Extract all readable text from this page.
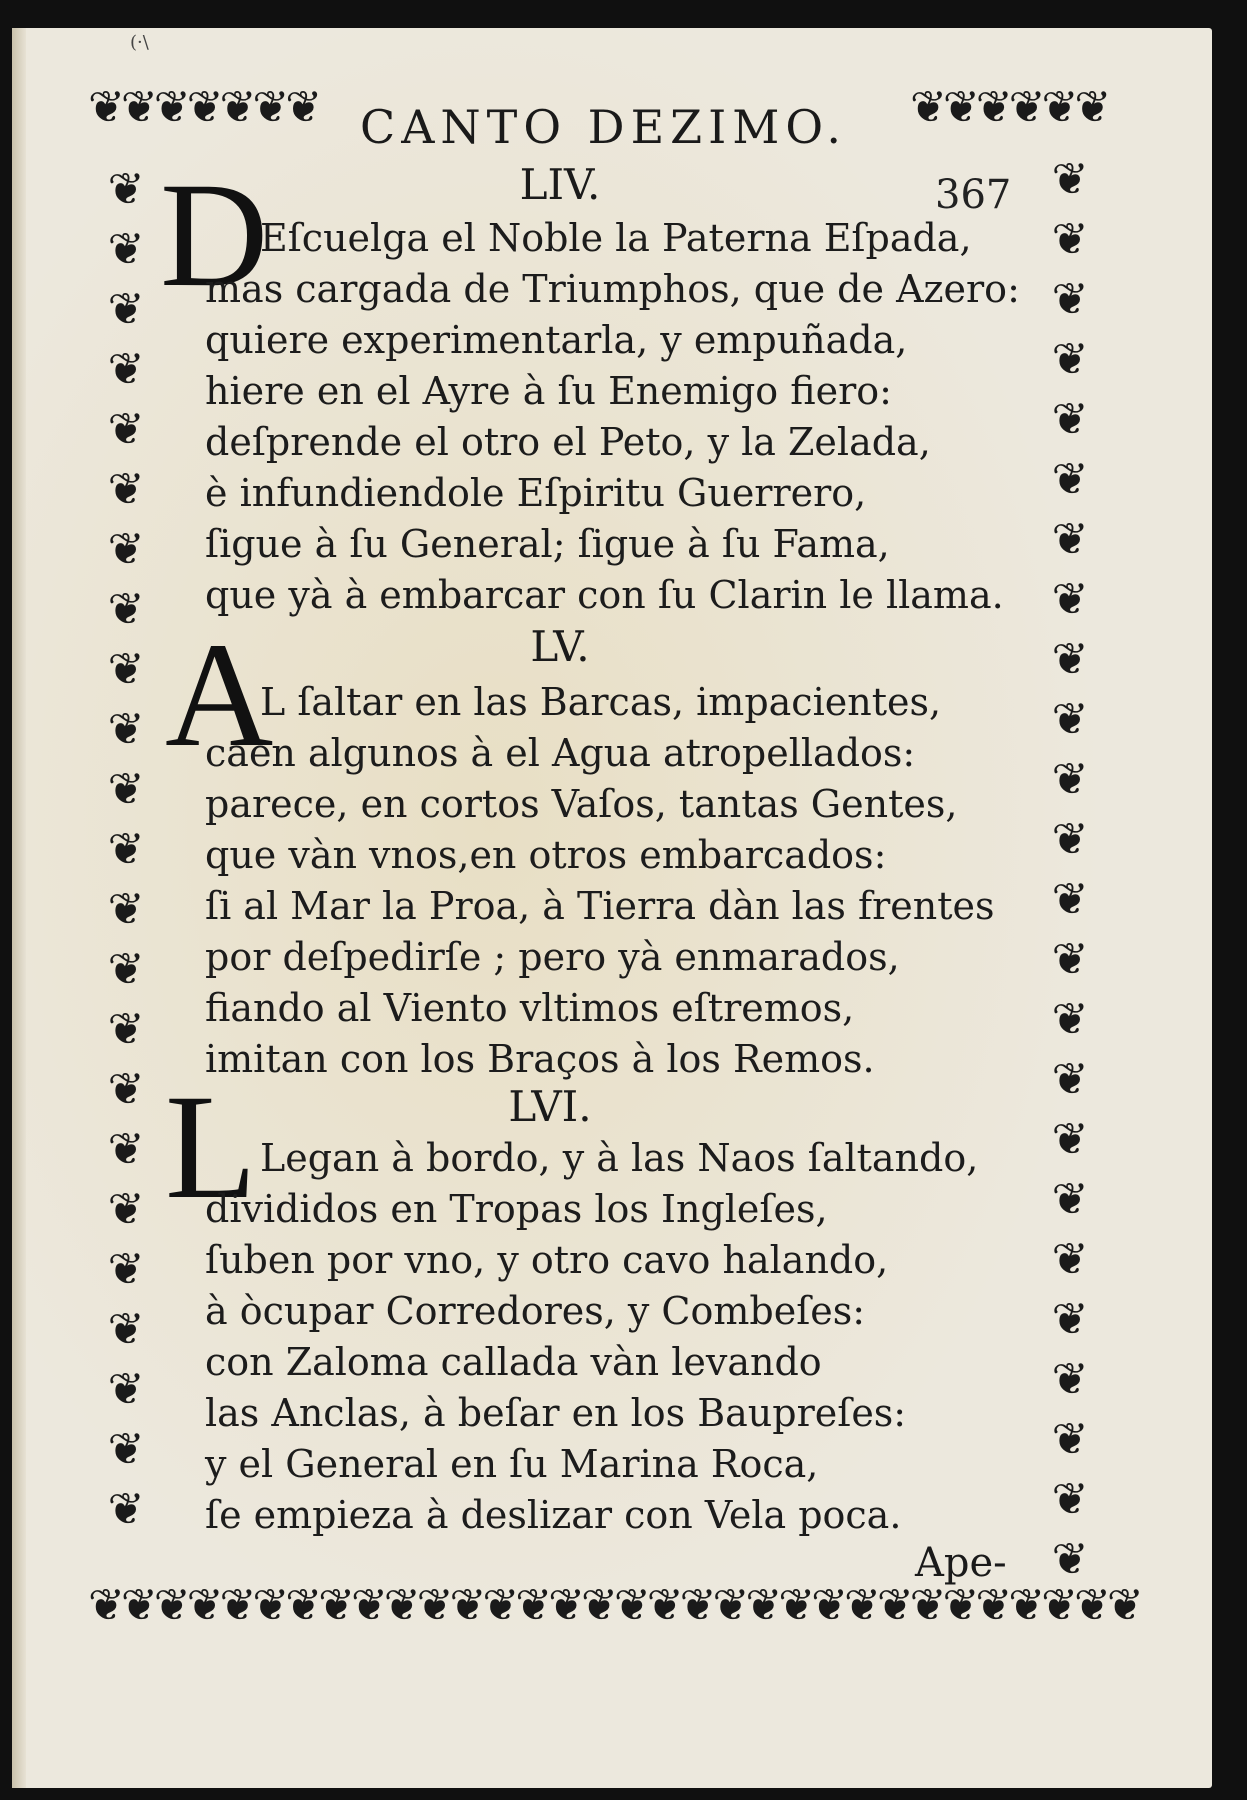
(·\
❦❦❦❦❦❦❦	❦❦❦❦❦❦
❦❦❦❦❦❦❦❦❦❦❦❦❦❦❦❦❦❦❦❦❦❦❦❦❦❦❦❦❦❦❦❦
❦ ❦ ❦ ❦ ❦ ❦ ❦ ❦ ❦ ❦ ❦ ❦ ❦ ❦ ❦ ❦ ❦ ❦ ❦ ❦ ❦ ❦ ❦
❦ ❦ ❦ ❦ ❦ ❦ ❦ ❦ ❦ ❦ ❦ ❦ ❦ ❦ ❦ ❦ ❦ ❦ ❦ ❦ ❦ ❦ ❦ ❦
CANTO DEZIMO.
367
LIV.
D
Eſcuelga el Noble la Paterna Eſpada,
mas cargada de Triumphos, que de Azero:
quiere experimentarla, y empuñada,
hiere en el Ayre à ſu Enemigo fiero:
deſprende el otro el Peto, y la Zelada,
è infundiendole Eſpiritu Guerrero,
ſigue à ſu General; ſigue à ſu Fama,
que yà à embarcar con ſu Clarin le llama.
LV.
A
L ſaltar en las Barcas, impacientes,
caen algunos à el Agua atropellados:
parece, en cortos Vaſos, tantas Gentes,
que vàn vnos,en otros embarcados:
ſi al Mar la Proa, à Tierra dàn las frentes
por deſpedirſe ; pero yà enmarados,
fiando al Viento vltimos eſtremos,
imitan con los Braços à los Remos.
LVI.
L Legan à bordo, y à las Naos ſaltando,
divididos en Tropas los Ingleſes,
ſuben por vno, y otro cavo halando,
à òcupar Corredores, y Combeſes:
con Zaloma callada vàn levando
las Anclas, à beſar en los Baupreſes:
y el General en ſu Marina Roca,
ſe empieza à deslizar con Vela poca.
Ape-
